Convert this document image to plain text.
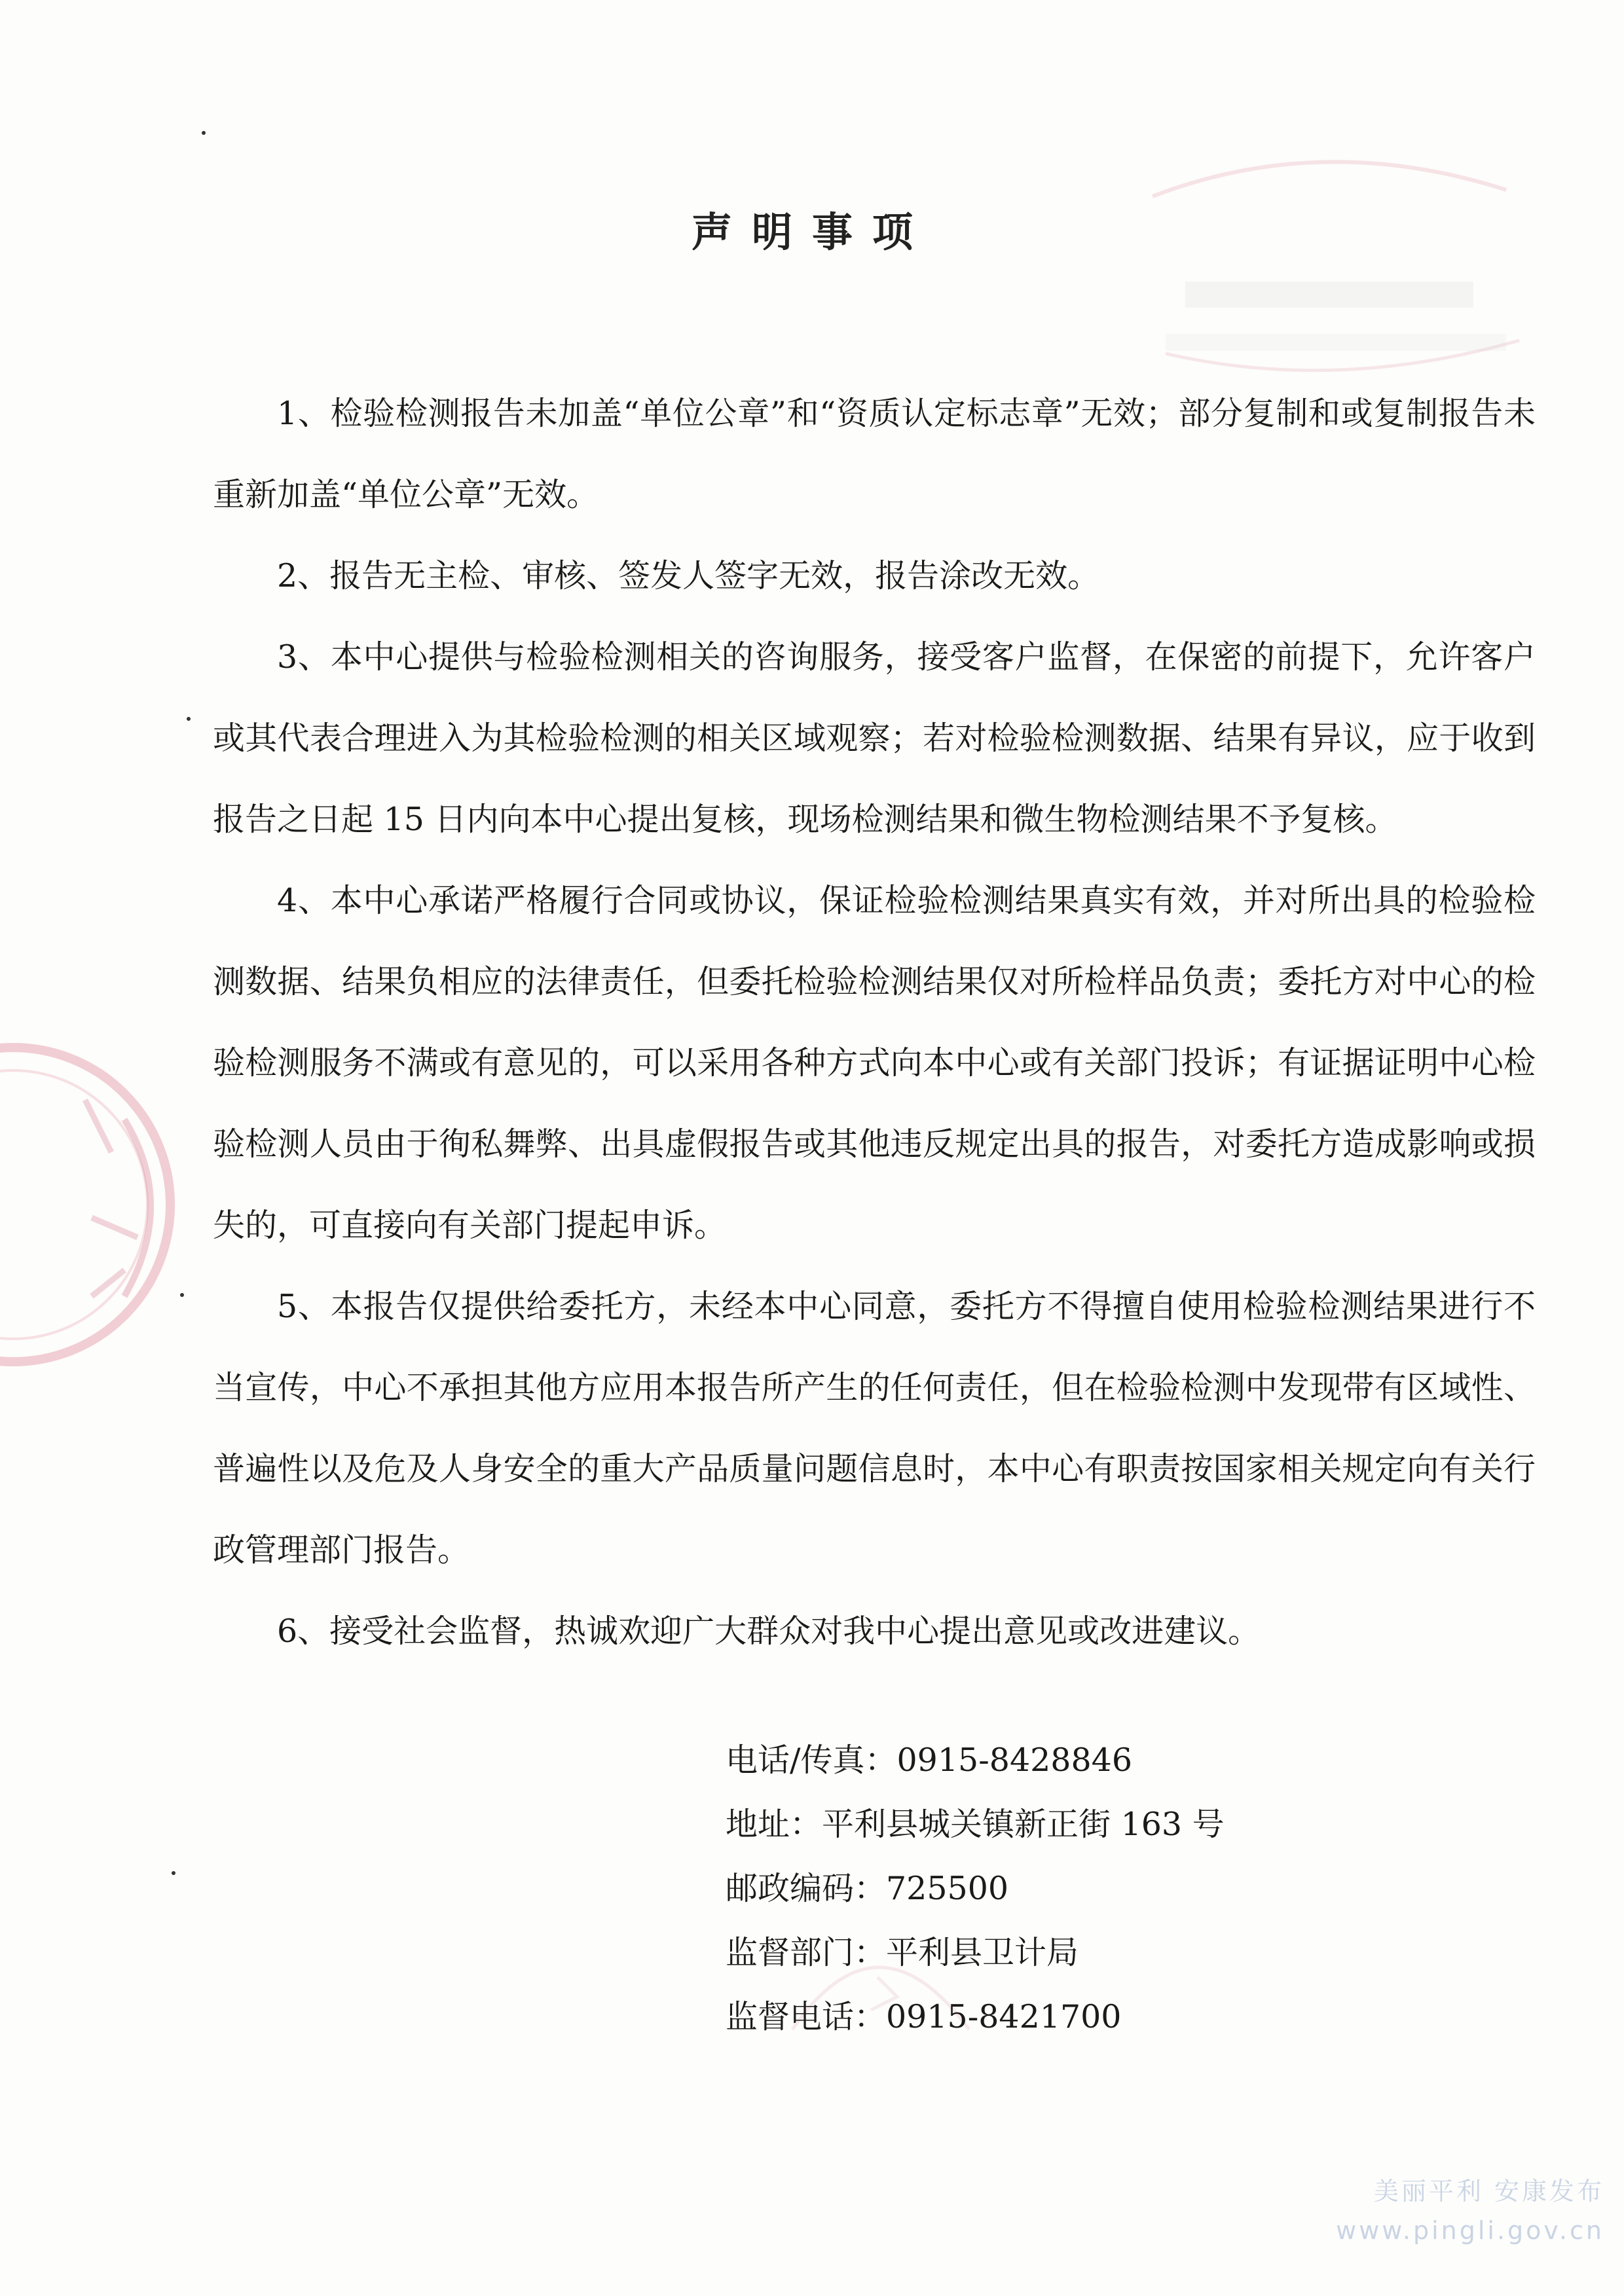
声明事项

1、检验检测报告未加盖“单位公章”和“资质认定标志章”无效；部分复制和或复制报告未重新加盖“单位公章”无效。

2、报告无主检、审核、签发人签字无效，报告涂改无效。

3、本中心提供与检验检测相关的咨询服务，接受客户监督，在保密的前提下，允许客户或其代表合理进入为其检验检测的相关区域观察；若对检验检测数据、结果有异议，应于收到报告之日起 15 日内向本中心提出复核，现场检测结果和微生物检测结果不予复核。

4、本中心承诺严格履行合同或协议，保证检验检测结果真实有效，并对所出具的检验检测数据、结果负相应的法律责任，但委托检验检测结果仅对所检样品负责；委托方对中心的检验检测服务不满或有意见的，可以采用各种方式向本中心或有关部门投诉；有证据证明中心检验检测人员由于徇私舞弊、出具虚假报告或其他违反规定出具的报告，对委托方造成影响或损失的，可直接向有关部门提起申诉。

5、本报告仅提供给委托方，未经本中心同意，委托方不得擅自使用检验检测结果进行不当宣传，中心不承担其他方应用本报告所产生的任何责任，但在检验检测中发现带有区域性、普遍性以及危及人身安全的重大产品质量问题信息时，本中心有职责按国家相关规定向有关行政管理部门报告。

6、接受社会监督，热诚欢迎广大群众对我中心提出意见或改进建议。

电话/传真：0915-8428846
地址：平利县城关镇新正街 163 号
邮政编码：725500
监督部门：平利县卫计局
监督电话：0915-8421700
美丽平利 安康发布
www.pingli.gov.cn
